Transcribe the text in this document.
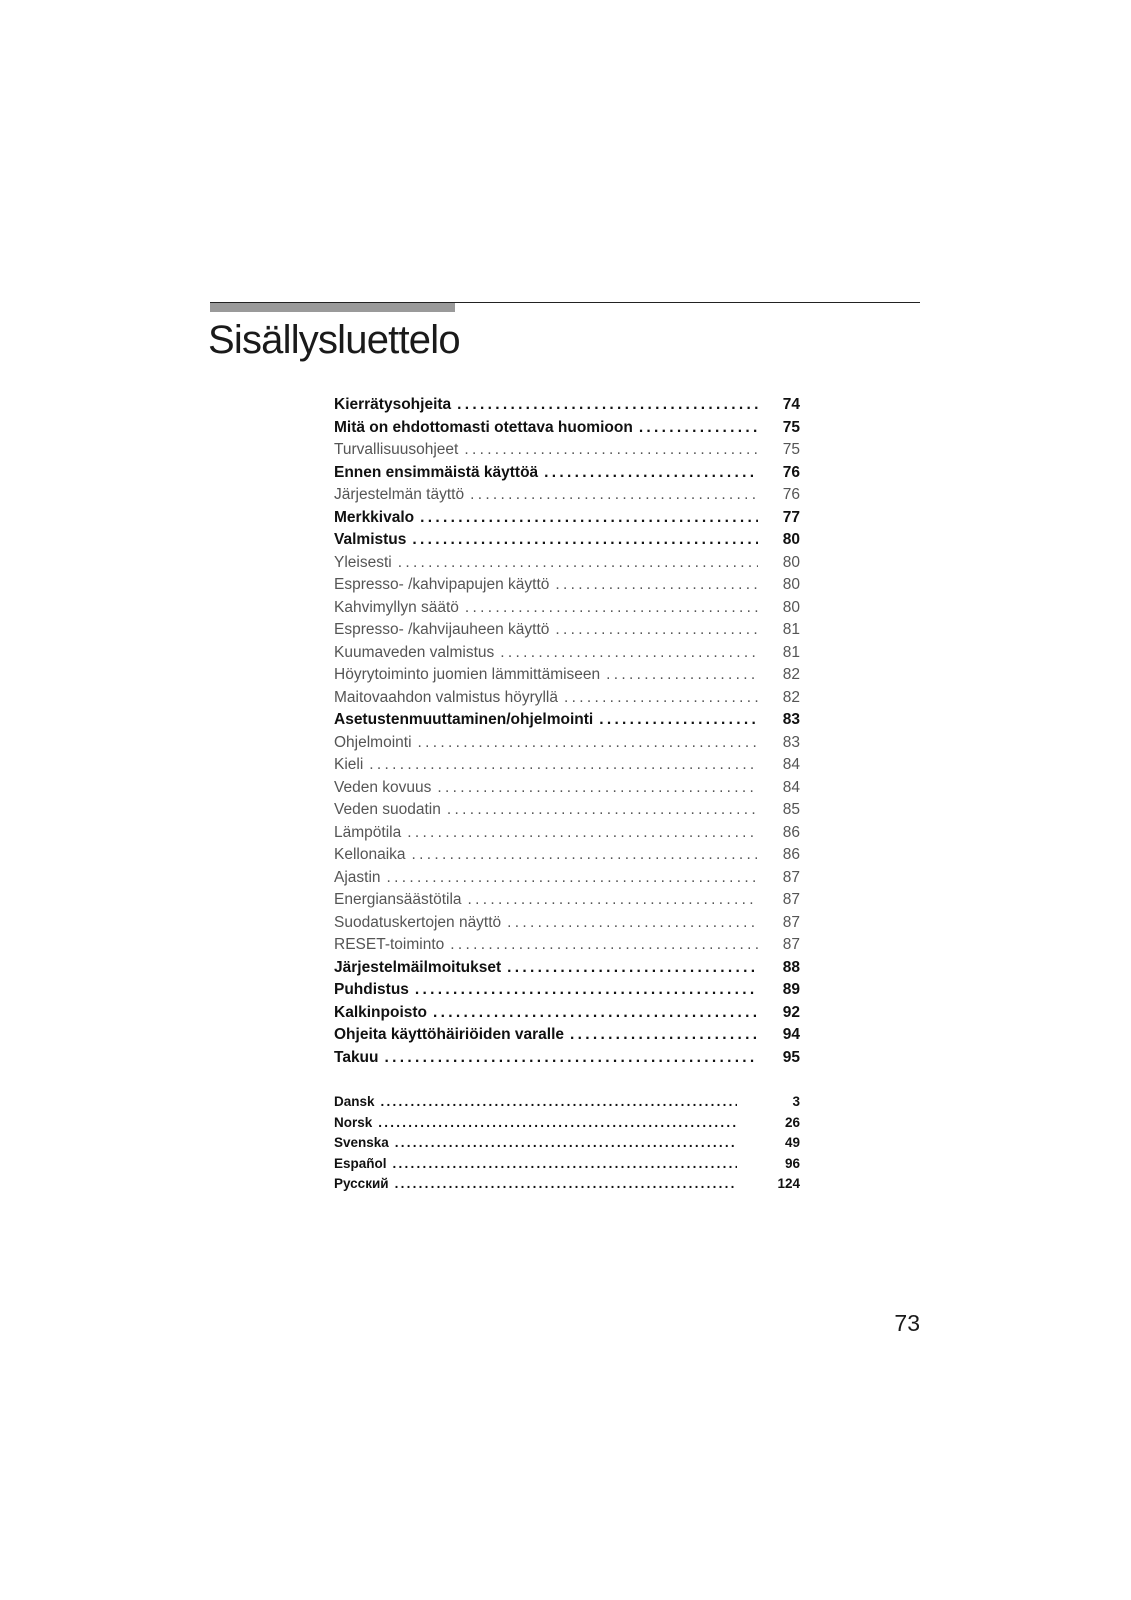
Sisällysluettelo
Kierrätysohjeita . . .	74
Mitä on ehdottomasti otettava huomioon . . .	75
Turvallisuusohjeet . . .	75
Ennen ensimmäistä käyttöä . . .	76
Järjestelmän täyttö . . .	76
Merkkivalo . . .	77
Valmistus . . .	80
Yleisesti . . .	80
Espresso- /kahvipapujen käyttö . . .	80
Kahvimyllyn säätö . . .	80
Espresso- /kahvijauheen käyttö . . .	81
Kuumaveden valmistus . . .	81
Höyrytoiminto juomien lämmittämiseen . . .	82
Maitovaahdon valmistus höyryllä . . .	82
Asetustenmuuttaminen/ohjelmointi . . .	83
Ohjelmointi . . .	83
Kieli . . .	84
Veden kovuus . . .	84
Veden suodatin . . .	85
Lämpötila . . .	86
Kellonaika . . .	86
Ajastin . . .	87
Energiansäästötila . . .	87
Suodatuskertojen näyttö . . .	87
RESET-toiminto . . .	87
Järjestelmäilmoitukset . . .	88
Puhdistus . . .	89
Kalkinpoisto . . .	92
Ohjeita käyttöhäiriöiden varalle . . .	94
Takuu . . .	95
Dansk . . .	3
Norsk . . .	26
Svenska . . .	49
Español . . .	96
Русский . . .	124
73
